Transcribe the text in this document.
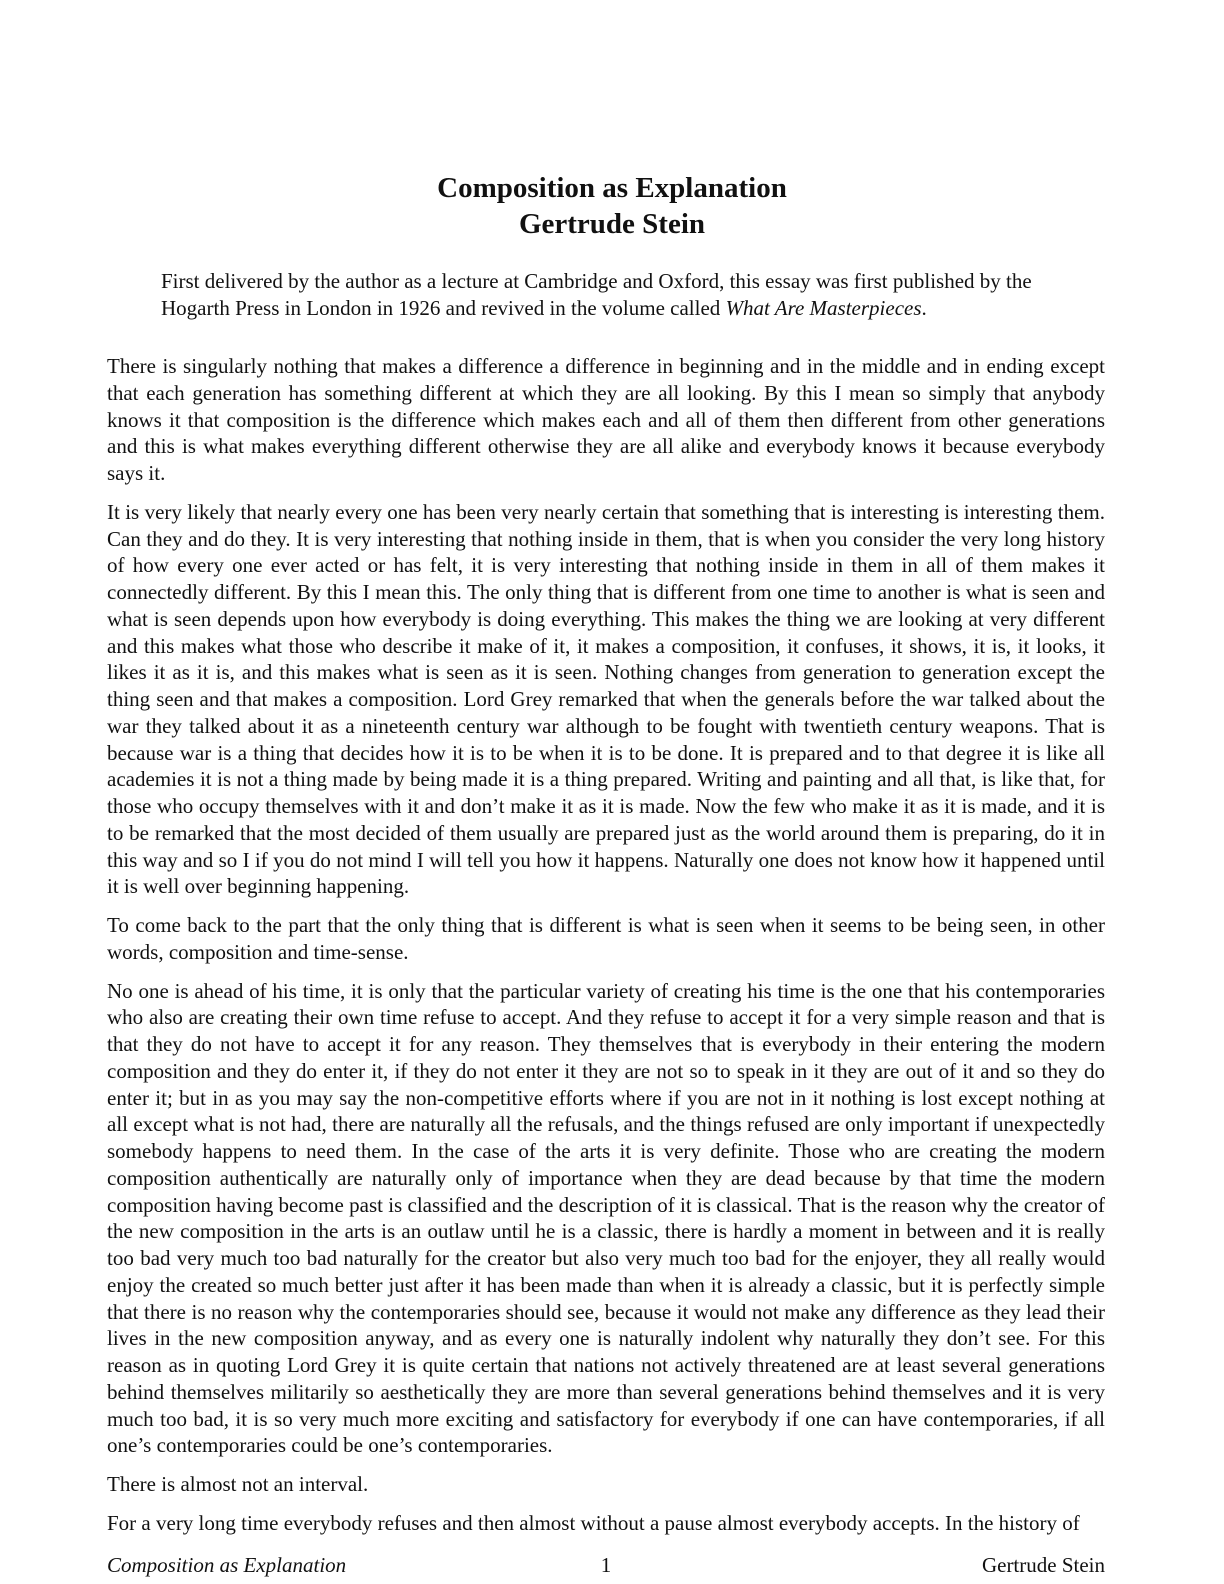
Composition as Explanation
Gertrude Stein
First delivered by the author as a lecture at Cambridge and Oxford, this essay was first published by the Hogarth Press in London in 1926 and revived in the volume called What Are Masterpieces.

There is singularly nothing that makes a difference a difference in beginning and in the middle and in ending except that each generation has something different at which they are all looking. By this I mean so simply that anybody knows it that composition is the difference which makes each and all of them then different from other generations and this is what makes everything different otherwise they are all alike and everybody knows it because everybody says it.

It is very likely that nearly every one has been very nearly certain that something that is interesting is interesting them. Can they and do they. It is very interesting that nothing inside in them, that is when you consider the very long history of how every one ever acted or has felt, it is very interesting that nothing inside in them in all of them makes it connectedly different. By this I mean this. The only thing that is different from one time to another is what is seen and what is seen depends upon how everybody is doing everything. This makes the thing we are looking at very different and this makes what those who describe it make of it, it makes a composition, it confuses, it shows, it is, it looks, it likes it as it is, and this makes what is seen as it is seen. Nothing changes from generation to generation except the thing seen and that makes a composition. Lord Grey remarked that when the generals before the war talked about the war they talked about it as a nineteenth century war although to be fought with twentieth century weapons. That is because war is a thing that decides how it is to be when it is to be done. It is prepared and to that degree it is like all academies it is not a thing made by being made it is a thing prepared. Writing and painting and all that, is like that, for those who occupy themselves with it and don’t make it as it is made. Now the few who make it as it is made, and it is to be remarked that the most decided of them usually are prepared just as the world around them is preparing, do it in this way and so I if you do not mind I will tell you how it happens. Naturally one does not know how it happened until it is well over beginning happening.

To come back to the part that the only thing that is different is what is seen when it seems to be being seen, in other words, composition and time-sense.

No one is ahead of his time, it is only that the particular variety of creating his time is the one that his contemporaries who also are creating their own time refuse to accept. And they refuse to accept it for a very simple reason and that is that they do not have to accept it for any reason. They themselves that is everybody in their entering the modern composition and they do enter it, if they do not enter it they are not so to speak in it they are out of it and so they do enter it; but in as you may say the non-competitive efforts where if you are not in it nothing is lost except nothing at all except what is not had, there are naturally all the refusals, and the things refused are only important if unexpectedly somebody happens to need them. In the case of the arts it is very definite. Those who are creating the modern composition authentically are naturally only of importance when they are dead because by that time the modern composition having become past is classified and the description of it is classical. That is the reason why the creator of the new composition in the arts is an outlaw until he is a classic, there is hardly a moment in between and it is really too bad very much too bad naturally for the creator but also very much too bad for the enjoyer, they all really would enjoy the created so much better just after it has been made than when it is already a classic, but it is perfectly simple that there is no reason why the contemporaries should see, because it would not make any difference as they lead their lives in the new composition anyway, and as every one is naturally indolent why naturally they don’t see. For this reason as in quoting Lord Grey it is quite certain that nations not actively threatened are at least several generations behind themselves militarily so aesthetically they are more than several generations behind themselves and it is very much too bad, it is so very much more exciting and satisfactory for everybody if one can have contemporaries, if all one’s contemporaries could be one’s contemporaries.

There is almost not an interval.

For a very long time everybody refuses and then almost without a pause almost everybody accepts. In the history of

Composition as Explanation	1	Gertrude Stein
